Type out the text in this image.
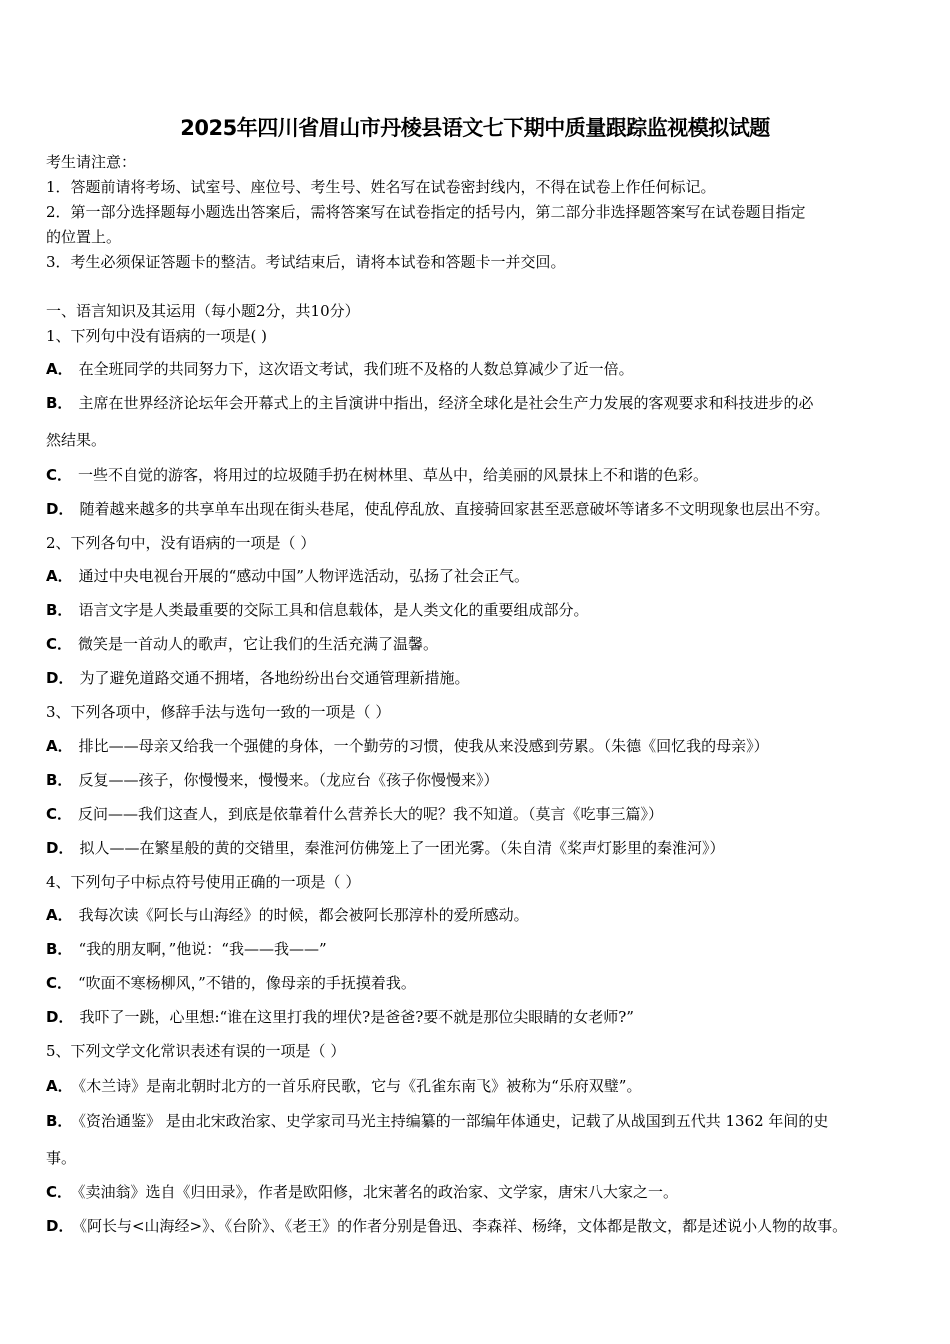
2025年四川省眉山市丹棱县语文七下期中质量跟踪监视模拟试题
考生请注意：
1．答题前请将考场、试室号、座位号、考生号、姓名写在试卷密封线内，不得在试卷上作任何标记。
2．第一部分选择题每小题选出答案后，需将答案写在试卷指定的括号内，第二部分非选择题答案写在试卷题目指定
的位置上。
3．考生必须保证答题卡的整洁。考试结束后，请将本试卷和答题卡一并交回。
一、语言知识及其运用（每小题2分，共10分）
1、下列句中没有语病的一项是( )
A． 在全班同学的共同努力下，这次语文考试，我们班不及格的人数总算减少了近一倍。
B． 主席在世界经济论坛年会开幕式上的主旨演讲中指出，经济全球化是社会生产力发展的客观要求和科技进步的必
然结果。
C． 一些不自觉的游客，将用过的垃圾随手扔在树林里、草丛中，给美丽的风景抹上不和谐的色彩。
D． 随着越来越多的共享单车出现在街头巷尾，使乱停乱放、直接骑回家甚至恶意破坏等诸多不文明现象也层出不穷。
2、下列各句中，没有语病的一项是（ ）
A． 通过中央电视台开展的“感动中国”人物评选活动，弘扬了社会正气。
B． 语言文字是人类最重要的交际工具和信息载体，是人类文化的重要组成部分。
C． 微笑是一首动人的歌声，它让我们的生活充满了温馨。
D． 为了避免道路交通不拥堵，各地纷纷出台交通管理新措施。
3、下列各项中，修辞手法与选句一致的一项是（ ）
A． 排比——母亲又给我一个强健的身体，一个勤劳的习惯，使我从来没感到劳累。（朱德《回忆我的母亲》）
B． 反复——孩子，你慢慢来，慢慢来。（龙应台《孩子你慢慢来》）
C． 反问——我们这查人，到底是依靠着什么营养长大的呢？我不知道。（莫言《吃事三篇》）
D． 拟人——在繁星般的黄的交错里，秦淮河仿佛笼上了一团光雾。（朱自清《桨声灯影里的秦淮河》）
4、下列句子中标点符号使用正确的一项是（ ）
A． 我每次读《阿长与山海经》的时候，都会被阿长那淳朴的爱所感动。
B． “我的朋友啊，”他说：“我——我——”
C． “吹面不寒杨柳风，”不错的，像母亲的手抚摸着我。
D． 我吓了一跳，心里想:“谁在这里打我的埋伏?是爸爸?要不就是那位尖眼睛的女老师?”
5、下列文学文化常识表述有误的一项是（ ）
A． 《木兰诗》是南北朝时北方的一首乐府民歌，它与《孔雀东南飞》被称为“乐府双璧”。
B． 《资治通鉴》 是由北宋政治家、史学家司马光主持编纂的一部编年体通史，记载了从战国到五代共 1362 年间的史
事。
C． 《卖油翁》选自《归田录》，作者是欧阳修，北宋著名的政治家、文学家，唐宋八大家之一。
D． 《阿长与<山海经>》、《台阶》、《老王》的作者分别是鲁迅、李森祥、杨绛，文体都是散文，都是述说小人物的故事。
